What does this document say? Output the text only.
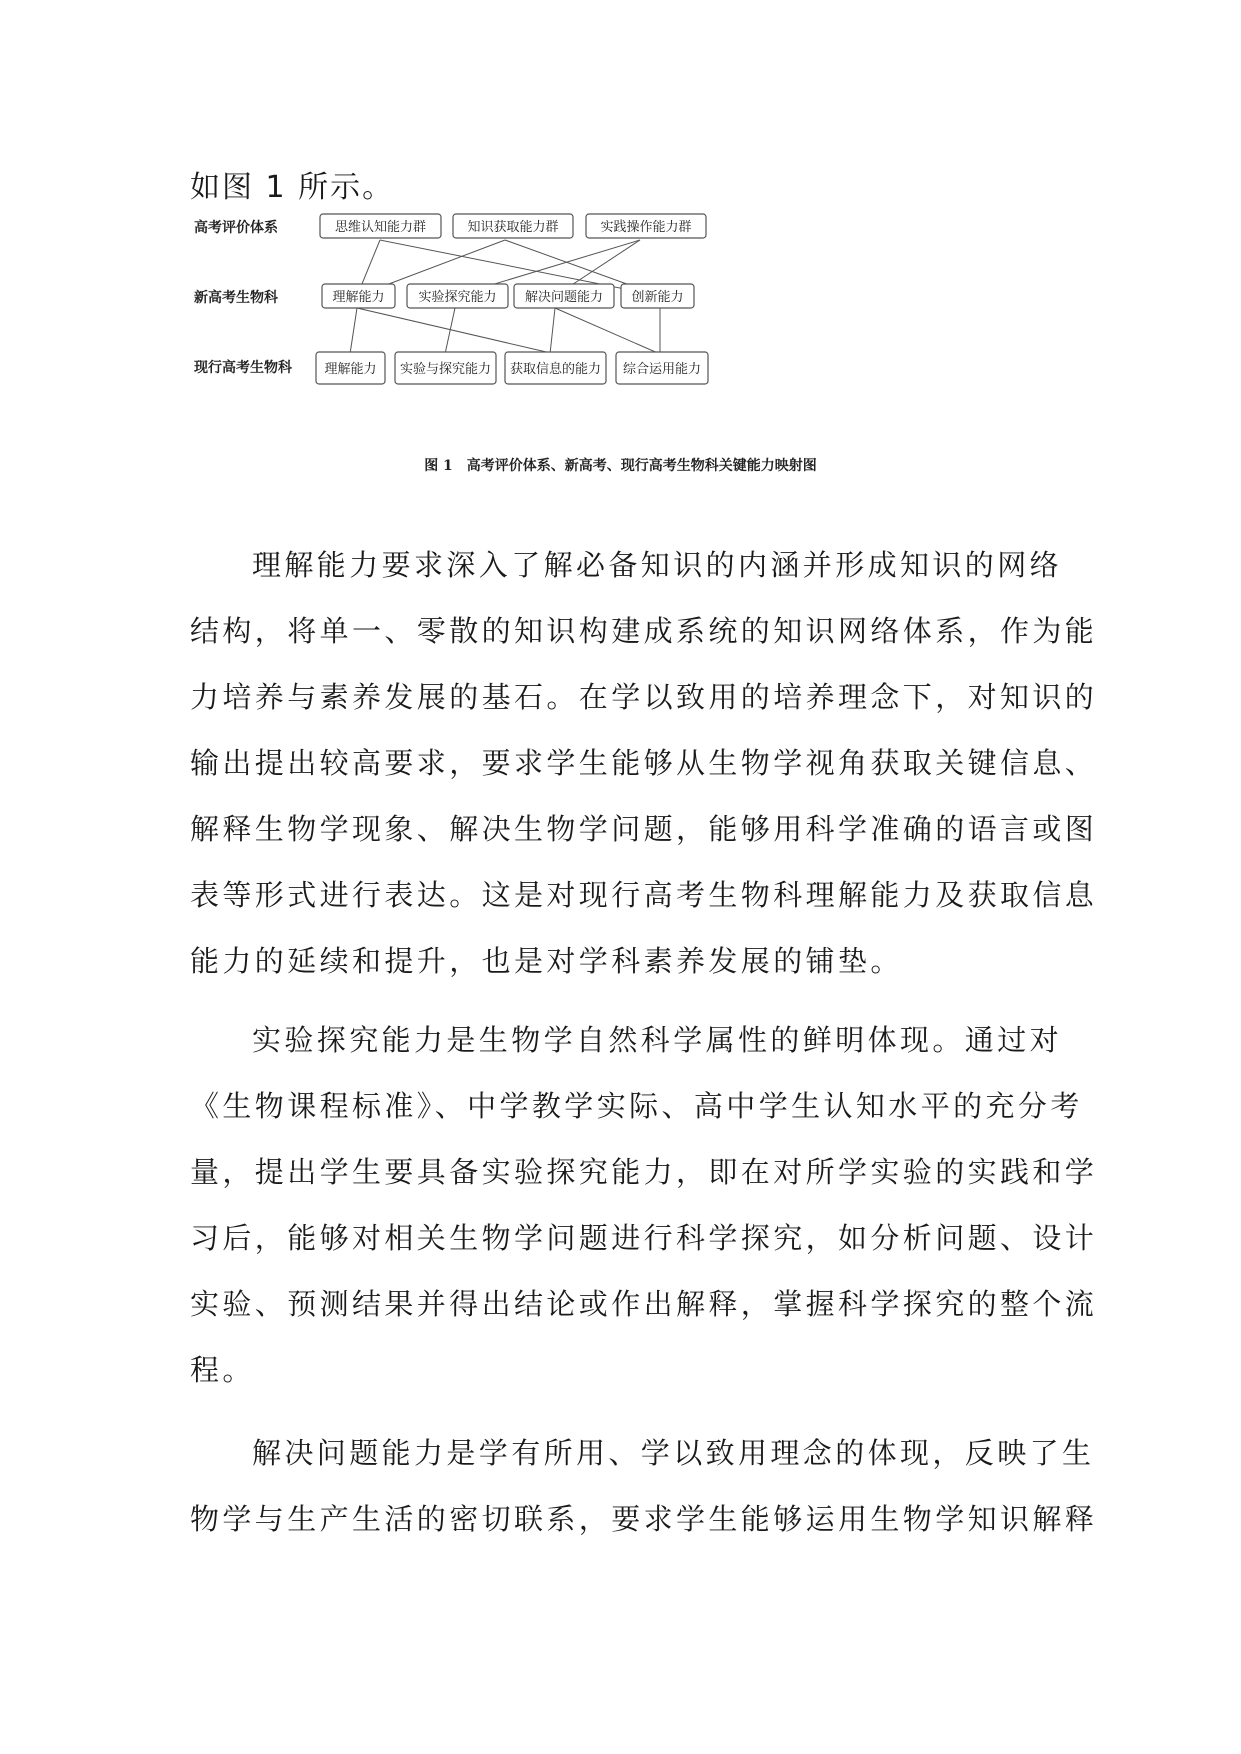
如图 1 所示。
高考评价体系
新高考生物科
现行高考生物科
思维认知能力群	知识获取能力群	实践操作能力群
理解能力	实验探究能力 解决问题能力 创新能力
理解能力 实验与探究能力 获取信息的能力 综合运用能力
图 1　高考评价体系、新高考、现行高考生物科关键能力映射图

理解能力要求深入了解必备知识的内涵并形成知识的网络

结构，将单一、零散的知识构建成系统的知识网络体系，作为能

力培养与素养发展的基石。在学以致用的培养理念下，对知识的

输出提出较高要求，要求学生能够从生物学视角获取关键信息、

解释生物学现象、解决生物学问题，能够用科学准确的语言或图

表等形式进行表达。这是对现行高考生物科理解能力及获取信息

能力的延续和提升，也是对学科素养发展的铺垫。

实验探究能力是生物学自然科学属性的鲜明体现。通过对

《生物课程标准》、中学教学实际、高中学生认知水平的充分考

量，提出学生要具备实验探究能力，即在对所学实验的实践和学

习后，能够对相关生物学问题进行科学探究，如分析问题、设计

实验、预测结果并得出结论或作出解释，掌握科学探究的整个流

程。

解决问题能力是学有所用、学以致用理念的体现，反映了生

物学与生产生活的密切联系，要求学生能够运用生物学知识解释
